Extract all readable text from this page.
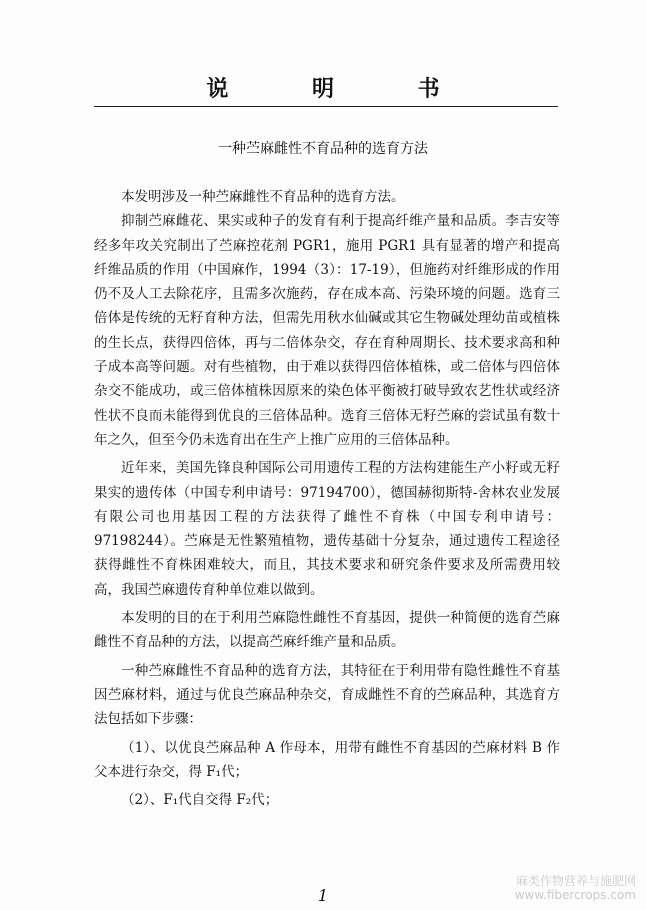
说 明 书
一种苎麻雌性不育品种的选育方法

本发明涉及一种苎麻雌性不育品种的选育方法。

抑制苎麻雌花、果实或种子的发育有利于提高纤维产量和品质。李吉安等经多年攻关究制出了苎麻控花剂 PGR1，施用 PGR1 具有显著的增产和提高纤维品质的作用（中国麻作，1994（3）：17-19），但施药对纤维形成的作用仍不及人工去除花序，且需多次施药，存在成本高、污染环境的问题。选育三倍体是传统的无籽育种方法，但需先用秋水仙碱或其它生物碱处理幼苗或植株的生长点，获得四倍体，再与二倍体杂交，存在育种周期长、技术要求高和种子成本高等问题。对有些植物，由于难以获得四倍体植株，或二倍体与四倍体杂交不能成功，或三倍体植株因原来的染色体平衡被打破导致农艺性状或经济性状不良而未能得到优良的三倍体品种。选育三倍体无籽苎麻的尝试虽有数十年之久，但至今仍未选育出在生产上推广应用的三倍体品种。

近年来，美国先锋良种国际公司用遗传工程的方法构建能生产小籽或无籽果实的遗传体（中国专利申请号：97194700），德国赫彻斯特-舍林农业发展有限公司也用基因工程的方法获得了雌性不育株（中国专利申请号：97198244）。苎麻是无性繁殖植物，遗传基础十分复杂，通过遗传工程途径获得雌性不育株困难较大，而且，其技术要求和研究条件要求及所需费用较高，我国苎麻遗传育种单位难以做到。

本发明的目的在于利用苎麻隐性雌性不育基因，提供一种简便的选育苎麻雌性不育品种的方法，以提高苎麻纤维产量和品质。

一种苎麻雌性不育品种的选育方法，其特征在于利用带有隐性雌性不育基因苎麻材料，通过与优良苎麻品种杂交，育成雌性不育的苎麻品种，其选育方法包括如下步骤：

（1）、以优良苎麻品种 A 作母本，用带有雌性不育基因的苎麻材料 B 作父本进行杂交，得 F₁代；

（2）、F₁代自交得 F₂代；

1
麻类作物营养与施肥网
www.fibercrops.com
